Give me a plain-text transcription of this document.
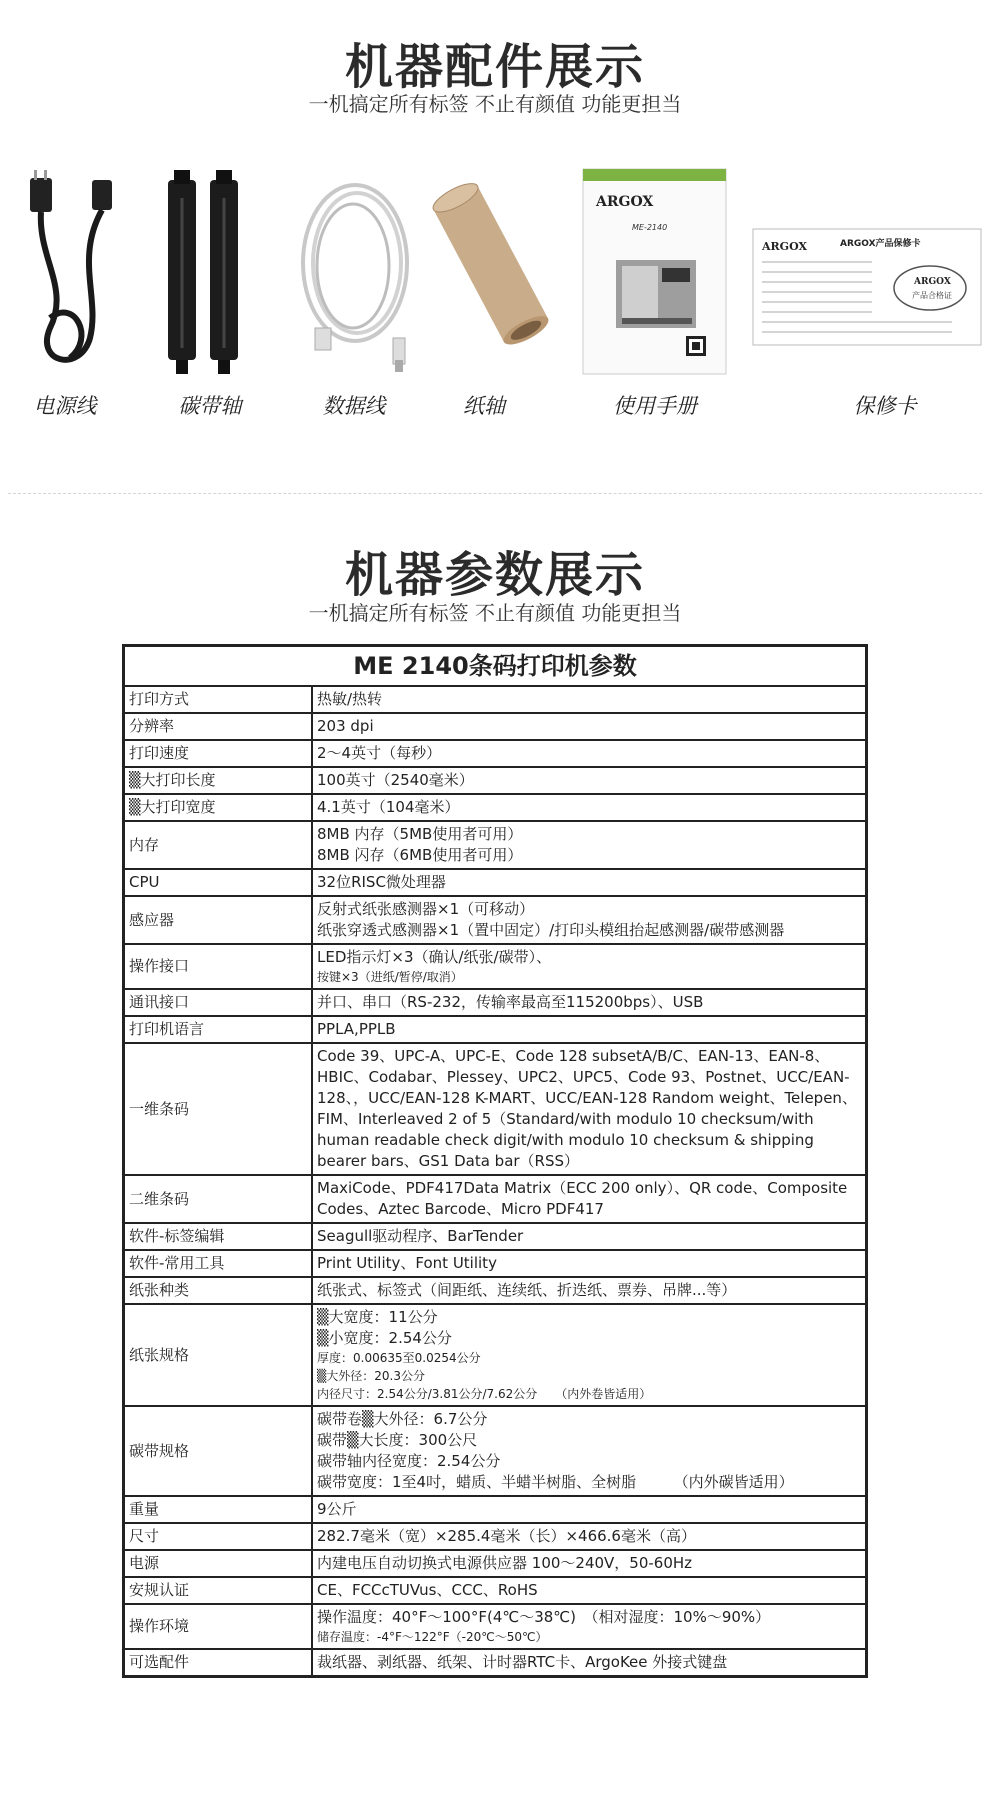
机器配件展示
一机搞定所有标签 不止有颜值 功能更担当
ARGOX
ME-2140
ARGOX	ARGOX产品保修卡
ARGOX
产品合格证
电源线	碳带轴	数据线	纸轴	使用手册	保修卡
机器参数展示
一机搞定所有标签 不止有颜值 功能更担当
ME 2140条码打印机参数	
打印方式	热敏/热转

分辨率	203 dpi

打印速度	2～4英寸（每秒）

▒大打印长度	100英寸（2540毫米）

▒大打印宽度	4.1英寸（104毫米）

内存	8MB 内存（5MB使用者可用）
8MB 闪存（6MB使用者可用）

CPU	32位RISC微处理器

感应器	反射式纸张感测器×1（可移动）
纸张穿透式感测器×1（置中固定）/打印头模组抬起感测器/碳带感测器

操作接口	LED指示灯×3（确认/纸张/碳带）、
按键×3（进纸/暂停/取消）

通讯接口	并口、串口（RS-232，传输率最高至115200bps）、USB

打印机语言	PPLA,PPLB

一维条码	Code 39、UPC-A、UPC-E、Code 128 subsetA/B/C、EAN-13、EAN-8、HBIC、Codabar、Plessey、UPC2、UPC5、Code 93、Postnet、UCC/EAN-128、，UCC/EAN-128 K-MART、UCC/EAN-128 Random weight、Telepen、FIM、Interleaved 2 of 5（Standard/with modulo 10 checksum/with human readable check digit/with modulo 10 checksum & shipping bearer bars、GS1 Data bar（RSS）

二维条码	MaxiCode、PDF417Data Matrix（ECC 200 only）、QR code、Composite Codes、Aztec Barcode、Micro PDF417

软件-标签编辑	Seagull驱动程序、BarTender

软件-常用工具	Print Utility、Font Utility

纸张种类	纸张式、标签式（间距纸、连续纸、折迭纸、票券、吊牌...等）

纸张规格	▒大宽度：11公分
▒小宽度：2.54公分
厚度：0.00635至0.0254公分
▒大外径：20.3公分
内径尺寸：2.54公分/3.81公分/7.62公分　　（内外卷皆适用）

碳带规格	碳带卷▒大外径：6.7公分
碳带▒大长度：300公尺
碳带轴内径宽度：2.54公分
碳带宽度：1至4吋，蜡质、半蜡半树脂、全树脂　　　（内外碳皆适用）

重量	9公斤

尺寸	282.7毫米（宽）×285.4毫米（长）×466.6毫米（高）

电源	内建电压自动切换式电源供应器 100～240V，50-60Hz

安规认证	CE、FCCcTUVus、CCC、RoHS

操作环境	操作温度：40°F～100°F(4℃～38℃)　（相对湿度：10%～90%）
储存温度：-4°F～122°F（-20℃～50℃）

可选配件	裁纸器、剥纸器、纸架、计时器RTC卡、ArgoKee 外接式键盘
